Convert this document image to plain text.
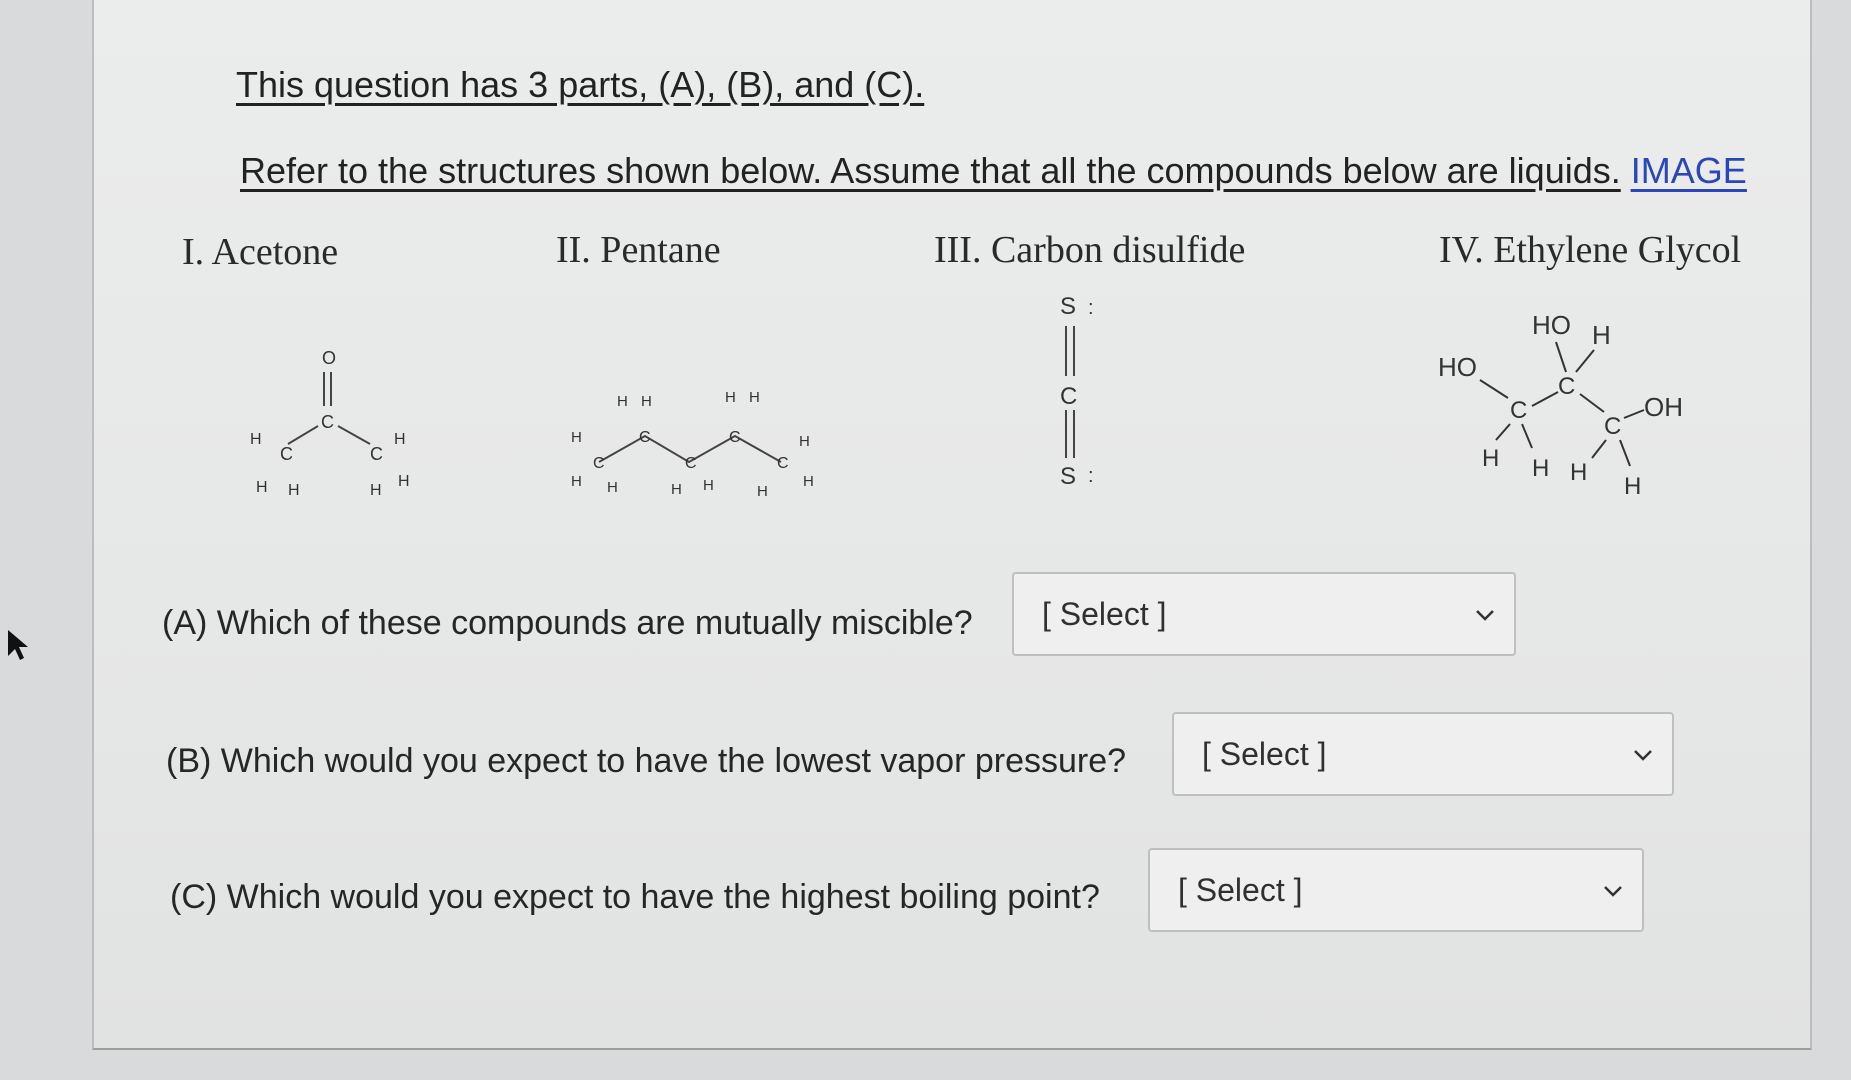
This question has 3 parts, (A), (B), and (C).
Refer to the structures shown below. Assume that all the compounds below are liquids. IMAGE
I. Acetone	II. Pentane	III. Carbon disulfide	IV. Ethylene Glycol
O
C
C	C
H
H H
H
H
H
C
C
C
C
C
H H	H H
H
H H	H H	H
H
H
S :
C
S :
HO H
HO
C
C
C
OH
H H H
H
(A) Which of these compounds are mutually miscible? [ Select ]
(B) Which would you expect to have the lowest vapor pressure? [ Select ]
(C) Which would you expect to have the highest boiling point? [ Select ]
